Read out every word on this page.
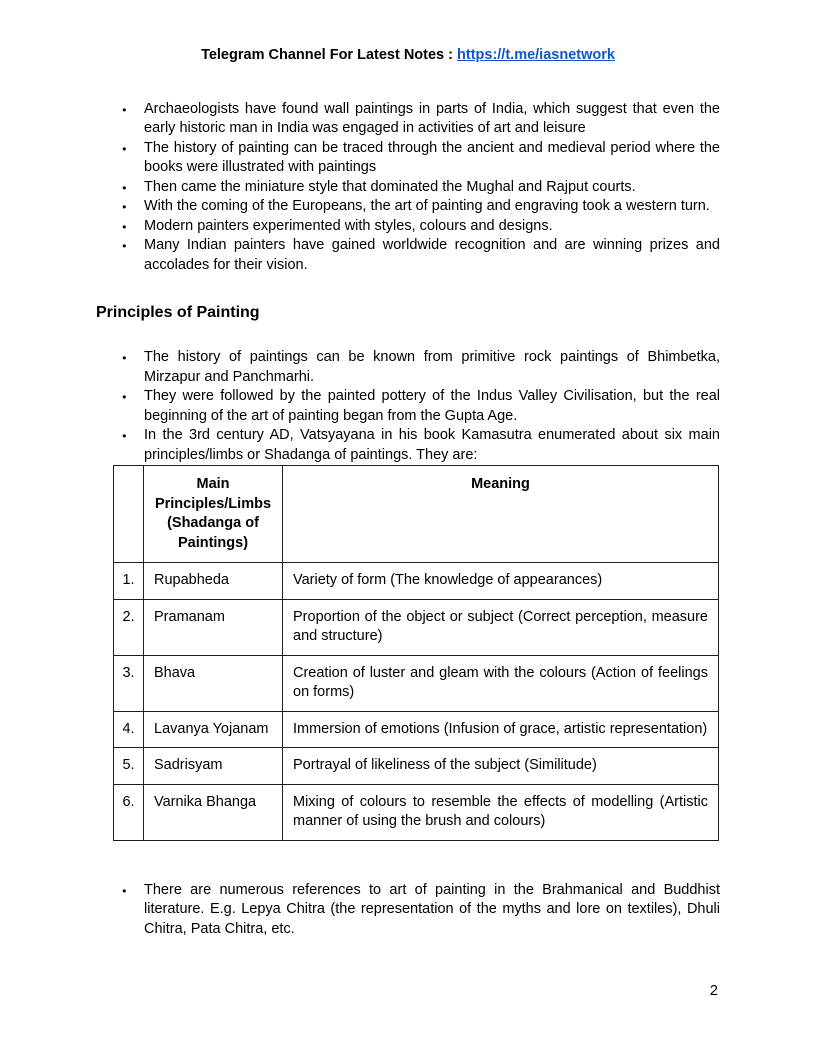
Telegram Channel For Latest Notes : https://t.me/iasnetwork
● Archaeologists have found wall paintings in parts of India, which suggest that even the early historic man in India was engaged in activities of art and leisure
● The history of painting can be traced through the ancient and medieval period where the books were illustrated with paintings
● Then came the miniature style that dominated the Mughal and Rajput courts.
● With the coming of the Europeans, the art of painting and engraving took a western turn.
● Modern painters experimented with styles, colours and designs.
● Many Indian painters have gained worldwide recognition and are winning prizes and accolades for their vision.
Principles of Painting
● The history of paintings can be known from primitive rock paintings of Bhimbetka, Mirzapur and Panchmarhi.
● They were followed by the painted pottery of the Indus Valley Civilisation, but the real beginning of the art of painting began from the Gupta Age.
● In the 3rd century AD, Vatsyayana in his book Kamasutra enumerated about six main principles/limbs or Shadanga of paintings. They are:
	Main Principles/Limbs (Shadanga of Paintings)	Meaning
1.	Rupabheda	Variety of form (The knowledge of appearances)
2.	Pramanam	Proportion of the object or subject (Correct perception, measure and structure)
3.	Bhava	Creation of luster and gleam with the colours (Action of feelings on forms)
4.	Lavanya Yojanam	Immersion of emotions (Infusion of grace, artistic representation)
5.	Sadrisyam	Portrayal of likeliness of the subject (Similitude)
6.	Varnika Bhanga	Mixing of colours to resemble the effects of modelling (Artistic manner of using the brush and colours)
● There are numerous references to art of painting in the Brahmanical and Buddhist literature. E.g. Lepya Chitra (the representation of the myths and lore on textiles), Dhuli Chitra, Pata Chitra, etc.
2
